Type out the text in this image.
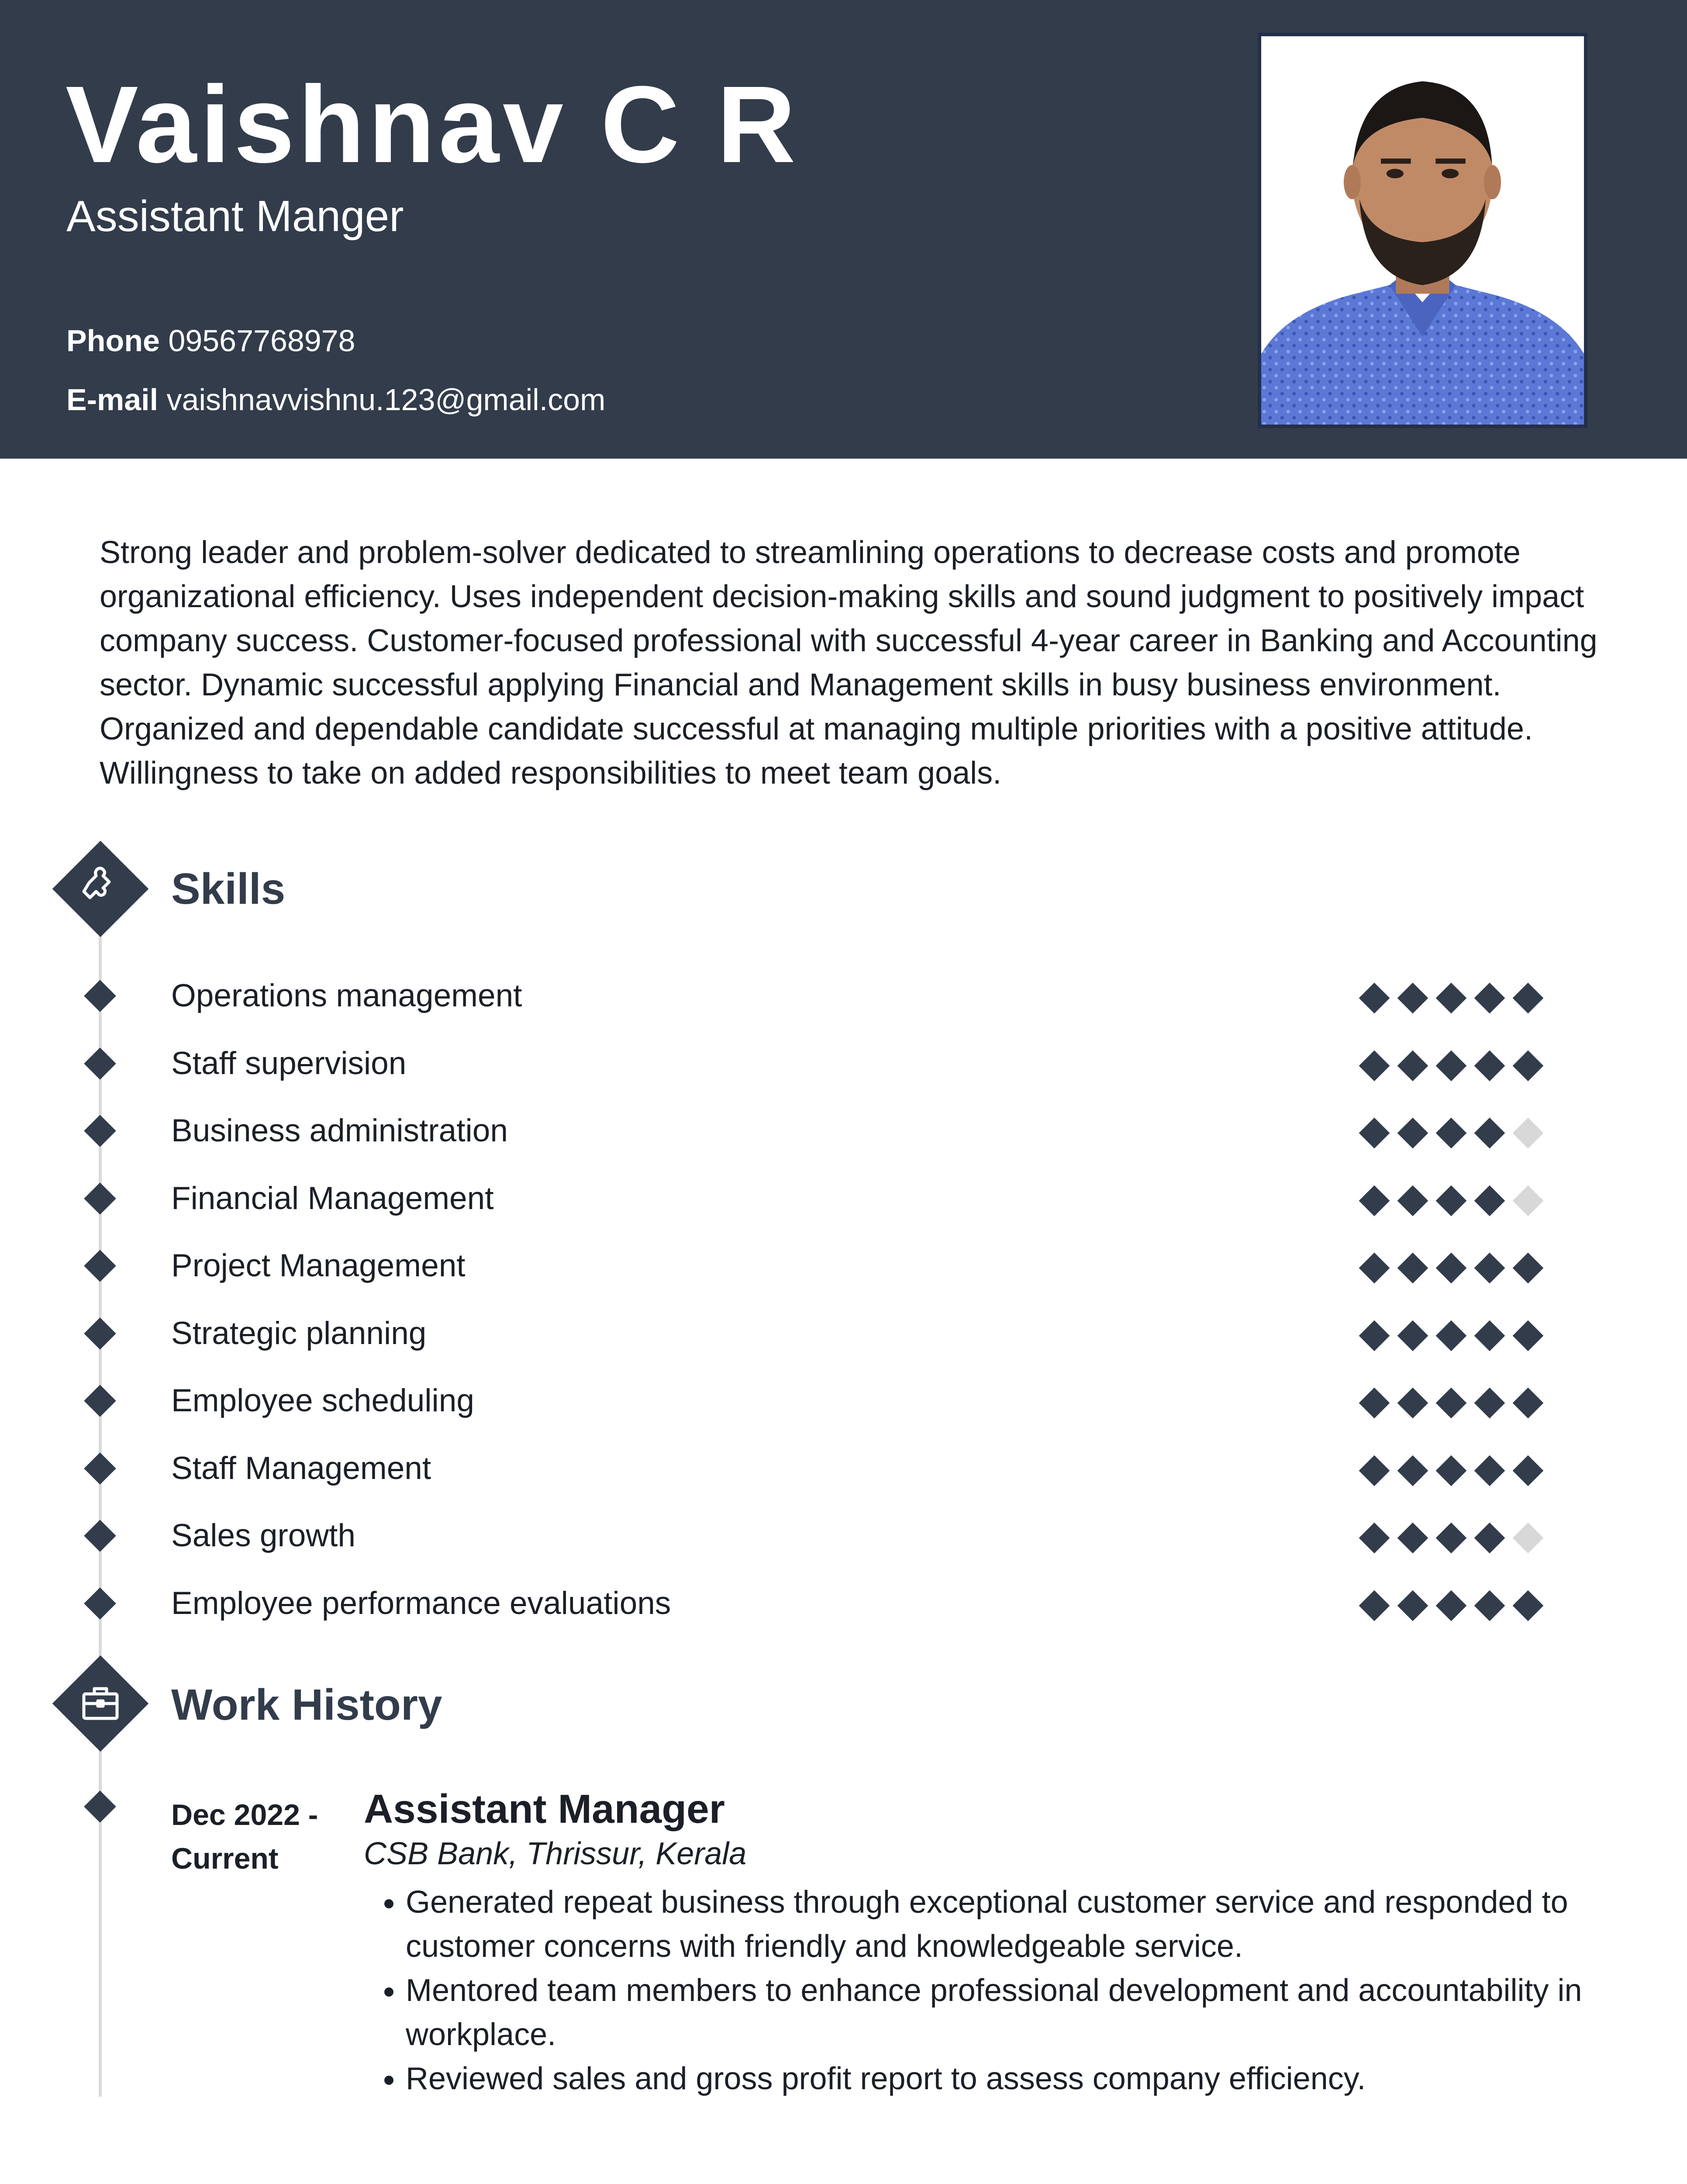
Vaishnav C R
Assistant Manger
Phone 09567768978
E-mail vaishnavvishnu.123@gmail.com

Strong leader and problem-solver dedicated to streamlining operations to decrease costs and promote organizational efficiency. Uses independent decision-making skills and sound judgment to positively impact company success. Customer-focused professional with successful 4-year career in Banking and Accounting sector. Dynamic successful applying Financial and Management skills in busy business environment. Organized and dependable candidate successful at managing multiple priorities with a positive attitude. Willingness to take on added responsibilities to meet team goals.

Skills
Operations management
Staff supervision
Business administration
Financial Management
Project Management
Strategic planning
Employee scheduling
Staff Management
Sales growth
Employee performance evaluations
Work History
Dec 2022 -
Current
Assistant Manager
CSB Bank, Thrissur, Kerala
• Generated repeat business through exceptional customer service and responded to customer concerns with friendly and knowledgeable service.
• Mentored team members to enhance professional development and accountability in workplace.
• Reviewed sales and gross profit report to assess company efficiency.
